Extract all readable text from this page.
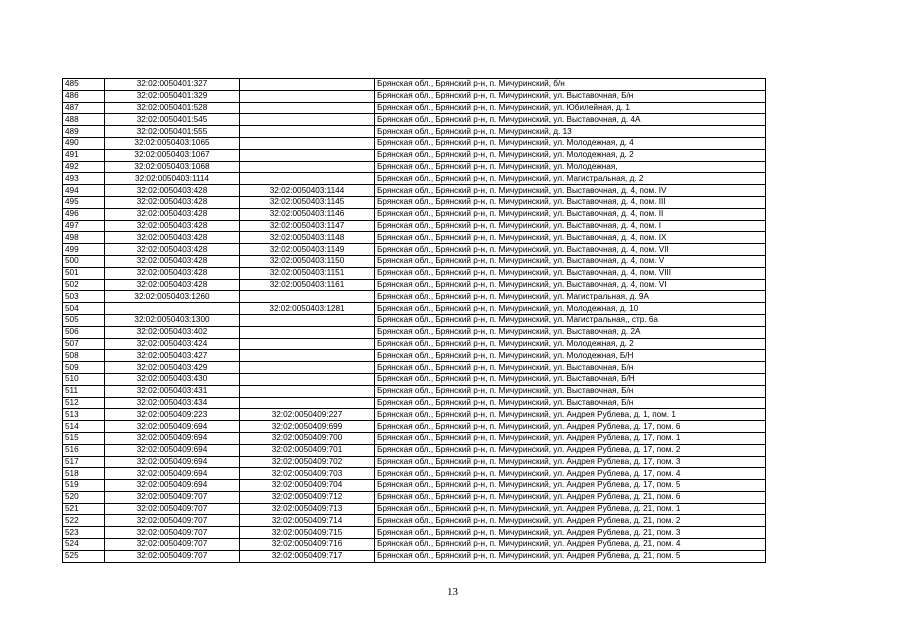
485	32:02:0050401:327		Брянская обл., Брянский р-н, п. Мичуринский, б/н
486	32:02:0050401:329		Брянская обл., Брянский р-н, п. Мичуринский, ул. Выставочная, Б/н
487	32:02:0050401:528		Брянская обл., Брянский р-н, п. Мичуринский, ул. Юбилейная, д. 1
488	32:02:0050401:545		Брянская обл., Брянский р-н, п. Мичуринский, ул. Выставочная, д. 4А
489	32:02:0050401:555		Брянская обл., Брянский р-н, п. Мичуринский, д. 13
490	32:02:0050403:1065		Брянская обл., Брянский р-н, п. Мичуринский, ул. Молодежная, д. 4
491	32:02:0050403:1067		Брянская обл., Брянский р-н, п. Мичуринский, ул. Молодежная, д. 2
492	32:02:0050403:1068		Брянская обл., Брянский р-н, п. Мичуринский, ул. Молодежная,
493	32:02:0050403:1114		Брянская обл., Брянский р-н, п. Мичуринский, ул. Магистральная, д. 2
494	32:02:0050403:428	32:02:0050403:1144	Брянская обл., Брянский р-н, п. Мичуринский, ул. Выставочная, д. 4, пом. IV
495	32:02:0050403:428	32:02:0050403:1145	Брянская обл., Брянский р-н, п. Мичуринский, ул. Выставочная, д. 4, пом. III
496	32:02:0050403:428	32:02:0050403:1146	Брянская обл., Брянский р-н, п. Мичуринский, ул. Выставочная, д. 4, пом. II
497	32:02:0050403:428	32:02:0050403:1147	Брянская обл., Брянский р-н, п. Мичуринский, ул. Выставочная, д. 4, пом. I
498	32:02:0050403:428	32:02:0050403:1148	Брянская обл., Брянский р-н, п. Мичуринский, ул. Выставочная, д. 4, пом. IX
499	32:02:0050403:428	32:02:0050403:1149	Брянская обл., Брянский р-н, п. Мичуринский, ул. Выставочная, д. 4, пом. VII
500	32:02:0050403:428	32:02:0050403:1150	Брянская обл., Брянский р-н, п. Мичуринский, ул. Выставочная, д. 4, пом. V
501	32:02:0050403:428	32:02:0050403:1151	Брянская обл., Брянский р-н, п. Мичуринский, ул. Выставочная, д. 4, пом. VIII
502	32:02:0050403:428	32:02:0050403:1161	Брянская обл., Брянский р-н, п. Мичуринский, ул. Выставочная, д. 4, пом. VI
503	32:02:0050403:1260		Брянская обл., Брянский р-н, п. Мичуринский, ул. Магистральная, д. 9А
504		32:02:0050403:1281	Брянская обл., Брянский р-н, п. Мичуринский, ул. Молодежная, д. 10
505	32:02:0050403:1300		Брянская обл., Брянский р-н, п. Мичуринский, ул. Магистральная,, стр. 6а
506	32:02:0050403:402		Брянская обл., Брянский р-н, п. Мичуринский, ул. Выставочная, д. 2А
507	32:02:0050403:424		Брянская обл., Брянский р-н, п. Мичуринский, ул. Молодежная, д. 2
508	32:02:0050403:427		Брянская обл., Брянский р-н, п. Мичуринский, ул. Молодежная, Б/Н
509	32:02:0050403:429		Брянская обл., Брянский р-н, п. Мичуринский, ул. Выставочная, Б/н
510	32:02:0050403:430		Брянская обл., Брянский р-н, п. Мичуринский, ул. Выставочная, Б/Н
511	32:02:0050403:431		Брянская обл., Брянский р-н, п. Мичуринский, ул. Выставочная, Б/н
512	32:02:0050403:434		Брянская обл., Брянский р-н, п. Мичуринский, ул. Выставочная, Б/н
513	32:02:0050409:223	32:02:0050409:227	Брянская обл., Брянский р-н, п. Мичуринский, ул. Андрея Рублева, д. 1, пом. 1
514	32:02:0050409:694	32:02:0050409:699	Брянская обл., Брянский р-н, п. Мичуринский, ул. Андрея Рублева, д. 17, пом. 6
515	32:02:0050409:694	32:02:0050409:700	Брянская обл., Брянский р-н, п. Мичуринский, ул. Андрея Рублева, д. 17, пом. 1
516	32:02:0050409:694	32:02:0050409:701	Брянская обл., Брянский р-н, п. Мичуринский, ул. Андрея Рублева, д. 17, пом. 2
517	32:02:0050409:694	32:02:0050409:702	Брянская обл., Брянский р-н, п. Мичуринский, ул. Андрея Рублева, д. 17, пом. 3
518	32:02:0050409:694	32:02:0050409:703	Брянская обл., Брянский р-н, п. Мичуринский, ул. Андрея Рублева, д. 17, пом. 4
519	32:02:0050409:694	32:02:0050409:704	Брянская обл., Брянский р-н, п. Мичуринский, ул. Андрея Рублева, д. 17, пом. 5
520	32:02:0050409:707	32:02:0050409:712	Брянская обл., Брянский р-н, п. Мичуринский, ул. Андрея Рублева, д. 21, пом. 6
521	32:02:0050409:707	32:02:0050409:713	Брянская обл., Брянский р-н, п. Мичуринский, ул. Андрея Рублева, д. 21, пом. 1
522	32:02:0050409:707	32:02:0050409:714	Брянская обл., Брянский р-н, п. Мичуринский, ул. Андрея Рублева, д. 21, пом. 2
523	32:02:0050409:707	32:02:0050409:715	Брянская обл., Брянский р-н, п. Мичуринский, ул. Андрея Рублева, д. 21, пом. 3
524	32:02:0050409:707	32:02:0050409:716	Брянская обл., Брянский р-н, п. Мичуринский, ул. Андрея Рублева, д. 21, пом. 4
525	32:02:0050409:707	32:02:0050409:717	Брянская обл., Брянский р-н, п. Мичуринский, ул. Андрея Рублева, д. 21, пом. 5
13
